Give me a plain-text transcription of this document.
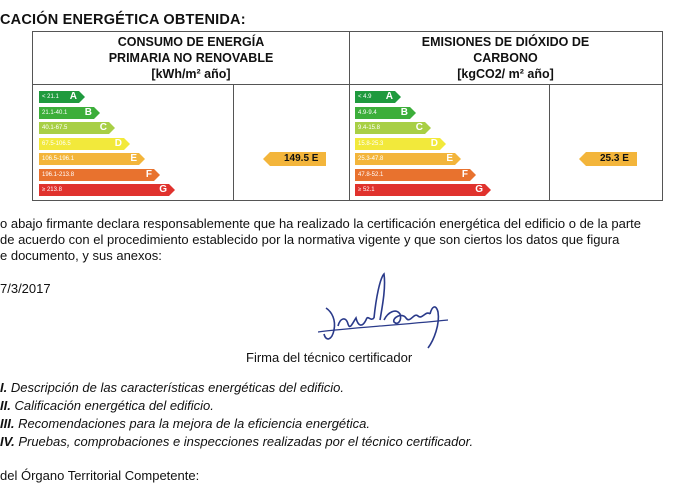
CACIÓN ENERGÉTICA OBTENIDA:
CONSUMO DE ENERGÍA
PRIMARIA NO RENOVABLE
[kWh/m² año]
< 21.1 A
21.1-40.1 B
40.1-67.5	C
67.5-106.5	D
106.5-196.1	E
196.1-213.8	F
≥ 213.8	G
149.5 E
EMISIONES DE DIÓXIDO DE
CARBONO
[kgCO2/ m² año]
< 4.9 A
4.9-9.4 B
9.4-15.8	C
15.8-25.3	D
25.3-47.8	E
47.8-52.1	F
≥ 52.1	G
25.3 E
o abajo firmante declara responsablemente que ha realizado la certificación energética del edificio o de la parte
de acuerdo con el procedimiento establecido por la normativa vigente y que son ciertos los datos que figura
e documento, y sus anexos:
7/3/2017
Firma del técnico certificador
I. Descripción de las características energéticas del edificio.
II. Calificación energética del edificio.
III. Recomendaciones para la mejora de la eficiencia energética.
IV. Pruebas, comprobaciones e inspecciones realizadas por el técnico certificador.
del Órgano Territorial Competente:
